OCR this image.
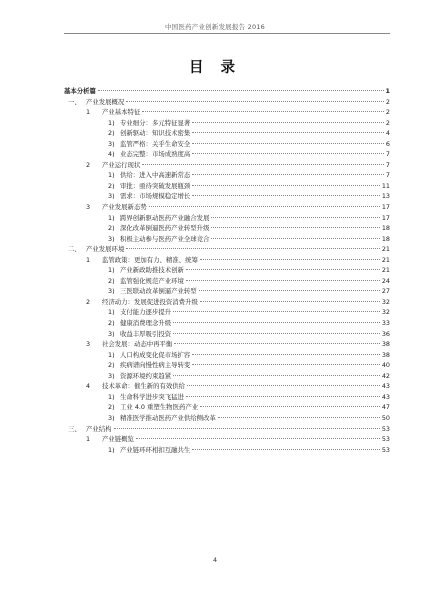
中国医药产业创新发展报告 2016
目 录
基本分析篇	1
一、 产业发展概况	2
1	产业基本特征	2
1) 专业细分：多元特征显著	2
2) 创新驱动：知识技术密集	4
3) 监管严格：关乎生命安全	6
4) 业态完整：市场成熟度高	7
2	产业运行现状	7
1) 供给：进入中高速新常态	7
2) 审批：亟待突破发展瓶颈	11
3) 需求：市场规模稳定增长	13
3	产业发展新态势	17
1) 跨界创新驱动医药产业融合发展	17
2) 深化改革倒逼医药产业转型升级	18
3) 积极主动参与医药产业全球竞合	18
二、 产业发展环境	21
1	监管政策：更加有力、精准、统筹	21
1) 产业新政助推技术创新	21
2) 监管强化规范产业环境	24
3) 三医联动改革倒逼产业转型	27
2	经济动力：发展促进投资消费升级	32
1) 支付能力逐步提升	32
2) 健康消费理念升级	33
3) 收益丰厚吸引投资	36
3	社会发展：动态中再平衡	38
1) 人口构成变化促市场扩容	38
2) 疾病谱向慢性病主导转变	40
3) 资源环境约束趋紧	42
4	技术革命：催生新的有效供给	43
1) 生命科学进步突飞猛进	43
2) 工业 4.0 重塑生物医药产业	47
3) 精准医学推动医药产业供给侧改革	50
三、 产业结构	53
1	产业链概览	53
1) 产业链环环相扣互融共生	53
4
